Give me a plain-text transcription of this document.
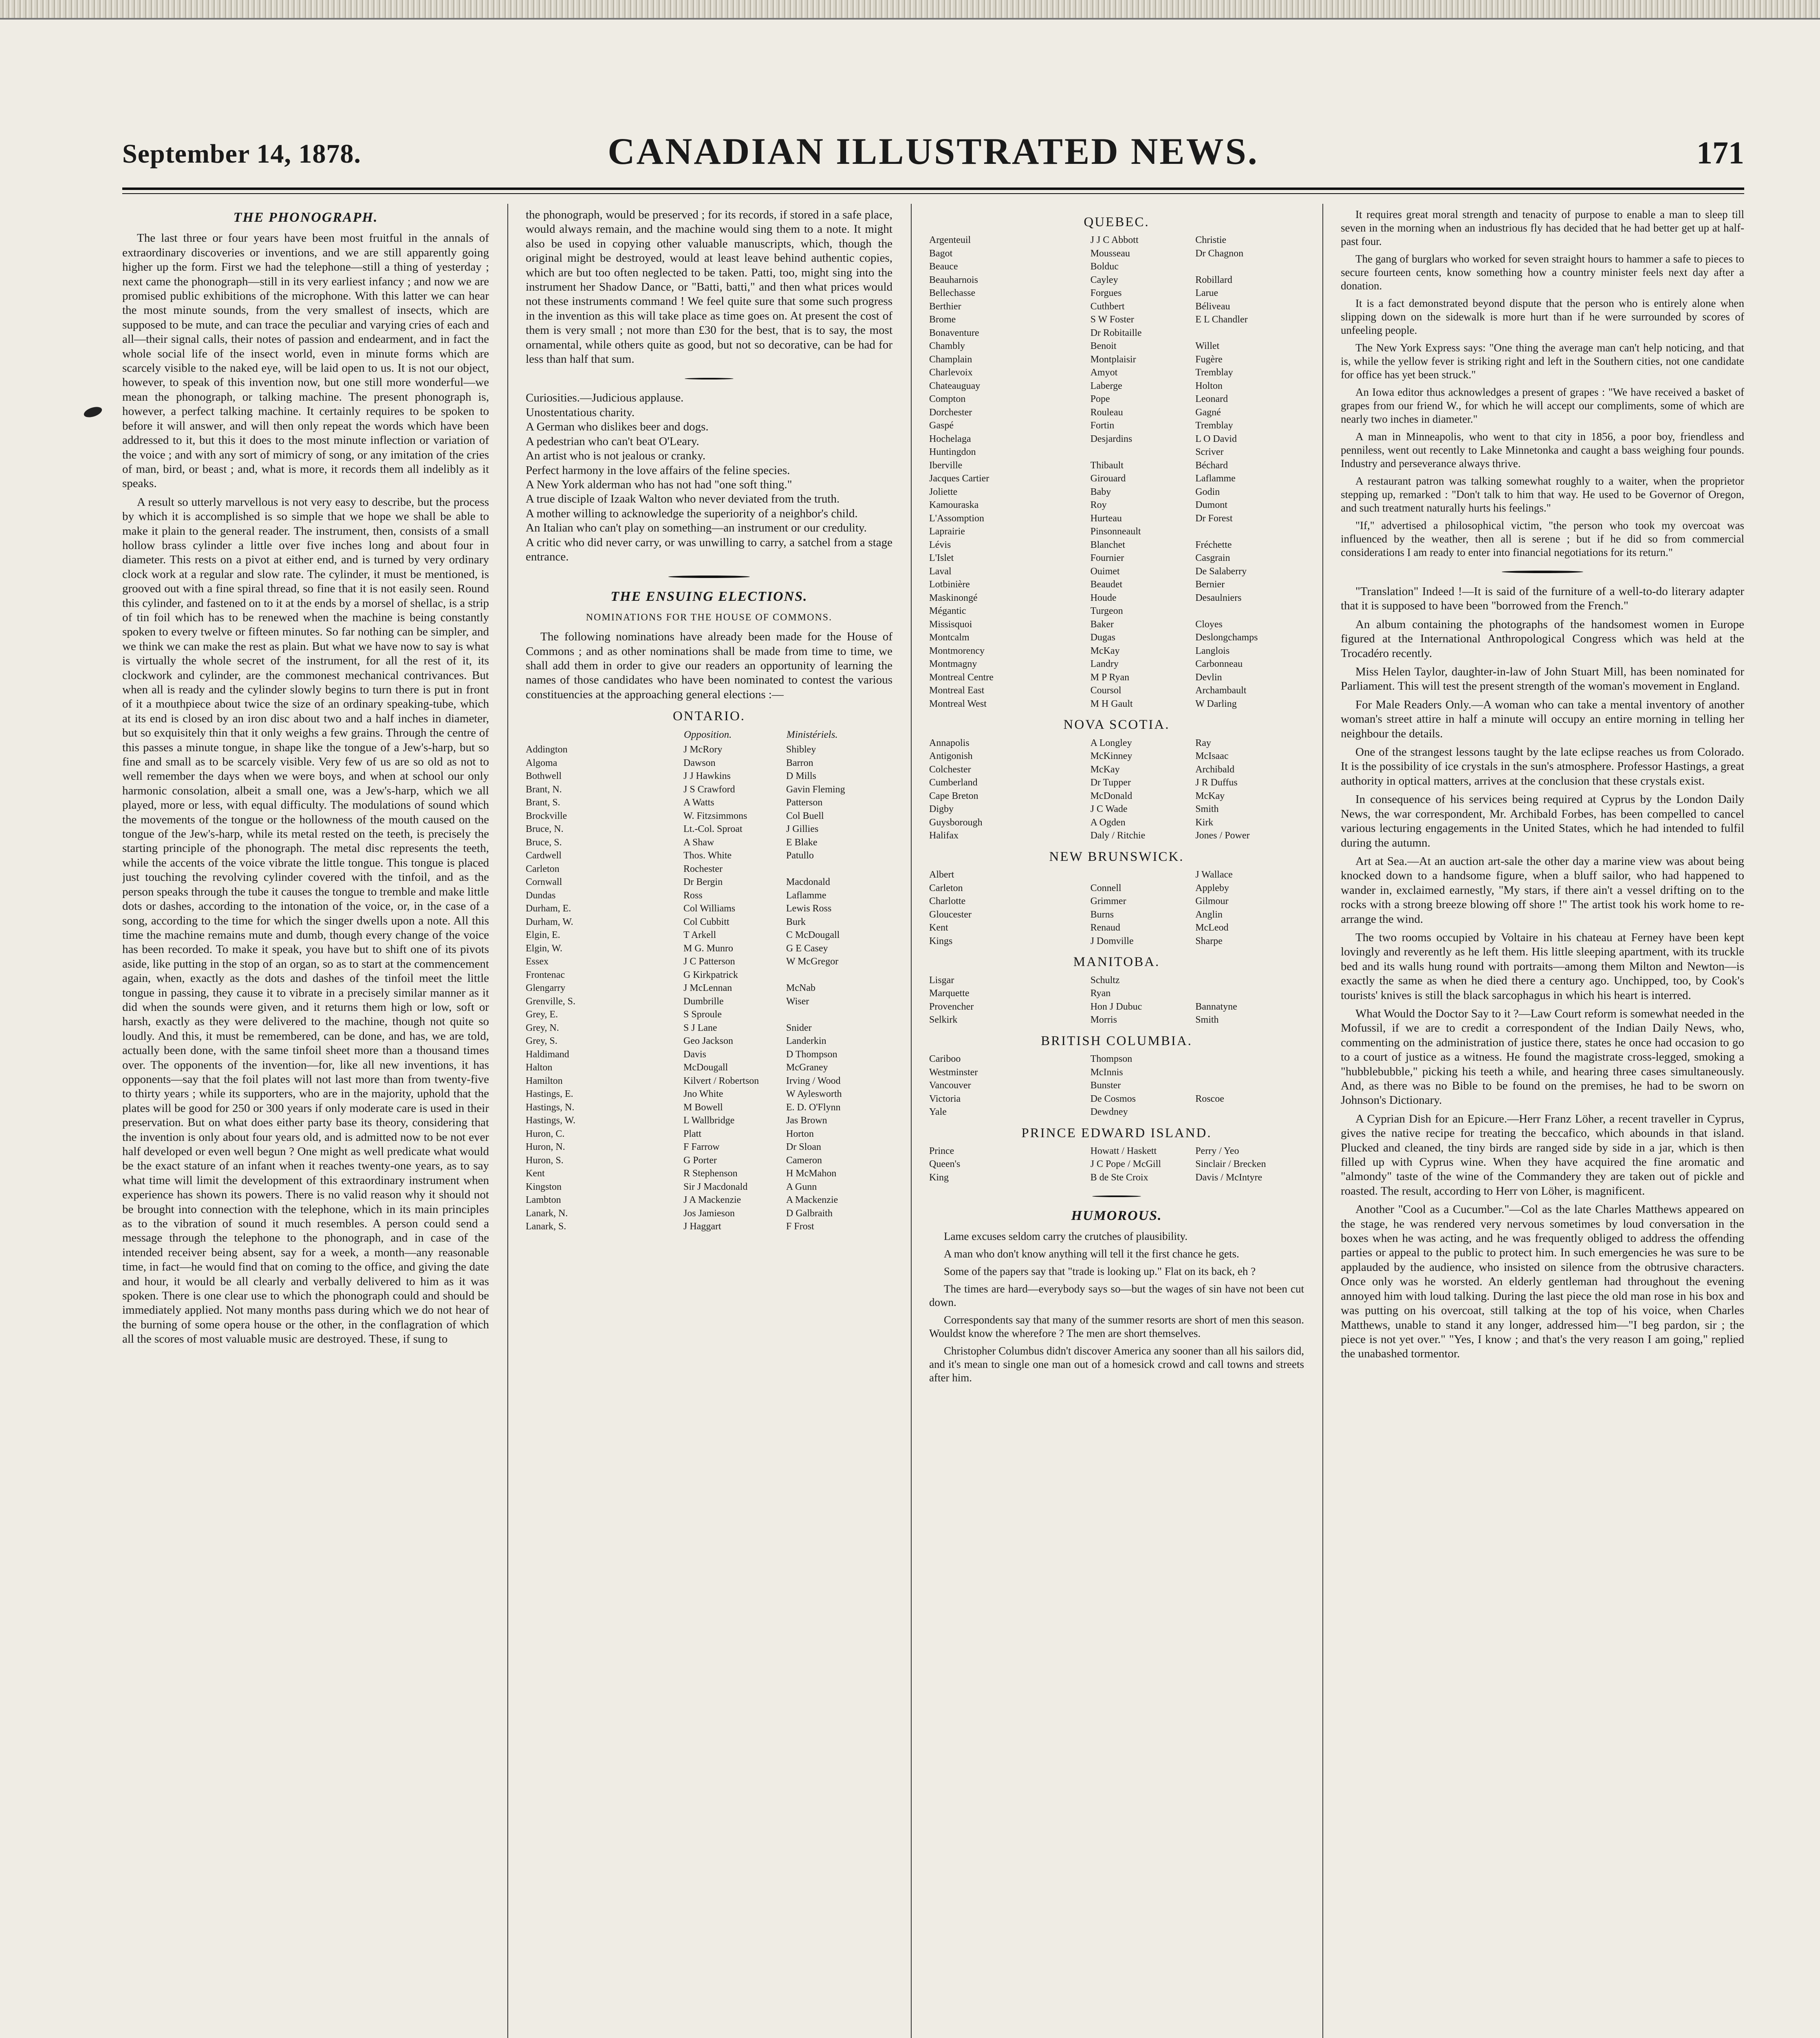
September 14, 1878.	CANADIAN ILLUSTRATED NEWS.	171
THE PHONOGRAPH.

The last three or four years have been most fruitful in the annals of extraordinary discoveries or inventions, and we are still apparently going higher up the form. First we had the telephone—still a thing of yesterday ; next came the phonograph—still in its very earliest infancy ; and now we are promised public exhibitions of the microphone. With this latter we can hear the most minute sounds, from the very smallest of insects, which are supposed to be mute, and can trace the peculiar and varying cries of each and all—their signal calls, their notes of passion and endearment, and in fact the whole social life of the insect world, even in minute forms which are scarcely visible to the naked eye, will be laid open to us. It is not our object, however, to speak of this invention now, but one still more wonderful—we mean the phonograph, or talking machine. The present phonograph is, however, a perfect talking machine. It certainly requires to be spoken to before it will answer, and will then only repeat the words which have been addressed to it, but this it does to the most minute inflection or variation of the voice ; and with any sort of mimicry of song, or any imitation of the cries of man, bird, or beast ; and, what is more, it records them all indelibly as it speaks.

A result so utterly marvellous is not very easy to describe, but the process by which it is accomplished is so simple that we hope we shall be able to make it plain to the general reader. The instrument, then, consists of a small hollow brass cylinder a little over five inches long and about four in diameter. This rests on a pivot at either end, and is turned by very ordinary clock work at a regular and slow rate. The cylinder, it must be mentioned, is grooved out with a fine spiral thread, so fine that it is not easily seen. Round this cylinder, and fastened on to it at the ends by a morsel of shellac, is a strip of tin foil which has to be renewed when the machine is being constantly spoken to every twelve or fifteen minutes. So far nothing can be simpler, and we think we can make the rest as plain. But what we have now to say is what is virtually the whole secret of the instrument, for all the rest of it, its clockwork and cylinder, are the commonest mechanical contrivances. But when all is ready and the cylinder slowly begins to turn there is put in front of it a mouthpiece about twice the size of an ordinary speaking-tube, which at its end is closed by an iron disc about two and a half inches in diameter, but so exquisitely thin that it only weighs a few grains. Through the centre of this passes a minute tongue, in shape like the tongue of a Jew's-harp, but so fine and small as to be scarcely visible. Very few of us are so old as not to well remember the days when we were boys, and when at school our only harmonic consolation, albeit a small one, was a Jew's-harp, which we all played, more or less, with equal difficulty. The modulations of sound which the movements of the tongue or the hollowness of the mouth caused on the tongue of the Jew's-harp, while its metal rested on the teeth, is precisely the starting principle of the phonograph. The metal disc represents the teeth, while the accents of the voice vibrate the little tongue. This tongue is placed just touching the revolving cylinder covered with the tinfoil, and as the person speaks through the tube it causes the tongue to tremble and make little dots or dashes, according to the intonation of the voice, or, in the case of a song, according to the time for which the singer dwells upon a note. All this time the machine remains mute and dumb, though every change of the voice has been recorded. To make it speak, you have but to shift one of its pivots aside, like putting in the stop of an organ, so as to start at the commencement again, when, exactly as the dots and dashes of the tinfoil meet the little tongue in passing, they cause it to vibrate in a precisely similar manner as it did when the sounds were given, and it returns them high or low, soft or harsh, exactly as they were delivered to the machine, though not quite so loudly. And this, it must be remembered, can be done, and has, we are told, actually been done, with the same tinfoil sheet more than a thousand times over. The opponents of the invention—for, like all new inventions, it has opponents—say that the foil plates will not last more than from twenty-five to thirty years ; while its supporters, who are in the majority, uphold that the plates will be good for 250 or 300 years if only moderate care is used in their preservation. But on what does either party base its theory, considering that the invention is only about four years old, and is admitted now to be not ever half developed or even well begun ? One might as well predicate what would be the exact stature of an infant when it reaches twenty-one years, as to say what time will limit the development of this extraordinary instrument when experience has shown its powers. There is no valid reason why it should not be brought into connection with the telephone, which in its main principles as to the vibration of sound it much resembles. A person could send a message through the telephone to the phonograph, and in case of the intended receiver being absent, say for a week, a month—any reasonable time, in fact—he would find that on coming to the office, and giving the date and hour, it would be all clearly and verbally delivered to him as it was spoken. There is one clear use to which the phonograph could and should be immediately applied. Not many months pass during which we do not hear of the burning of some opera house or the other, in the conflagration of which all the scores of most valuable music are destroyed. These, if sung to

the phonograph, would be preserved ; for its records, if stored in a safe place, would always remain, and the machine would sing them to a note. It might also be used in copying other valuable manuscripts, which, though the original might be destroyed, would at least leave behind authentic copies, which are but too often neglected to be taken. Patti, too, might sing into the instrument her Shadow Dance, or "Batti, batti," and then what prices would not these instruments command ! We feel quite sure that some such progress in the invention as this will take place as time goes on. At present the cost of them is very small ; not more than £30 for the best, that is to say, the most ornamental, while others quite as good, but not so decorative, can be had for less than half that sum.

Curiosities.—Judicious applause.
Unostentatious charity.
A German who dislikes beer and dogs.
A pedestrian who can't beat O'Leary.
An artist who is not jealous or cranky.
Perfect harmony in the love affairs of the feline species.
A New York alderman who has not had "one soft thing."
A true disciple of Izaak Walton who never deviated from the truth.
A mother willing to acknowledge the superiority of a neighbor's child.
An Italian who can't play on something—an instrument or our credulity.
A critic who did never carry, or was unwilling to carry, a satchel from a stage entrance.
THE ENSUING ELECTIONS.
NOMINATIONS FOR THE HOUSE OF COMMONS.

The following nominations have already been made for the House of Commons ; and as other nominations shall be made from time to time, we shall add them in order to give our readers an opportunity of learning the names of those candidates who have been nominated to contest the various constituencies at the approaching general elections :—

ONTARIO.
	Opposition.	Ministériels.
Addington	J McRory	Shibley
Algoma	Dawson	Barron
Bothwell	J J Hawkins	D Mills
Brant, N.	J S Crawford	Gavin Fleming
Brant, S.	A Watts	Patterson
Brockville	W. Fitzsimmons	Col Buell
Bruce, N.	Lt.-Col. Sproat	J Gillies
Bruce, S.	A Shaw	E Blake
Cardwell	Thos. White	Patullo
Carleton	Rochester	
Cornwall	Dr Bergin	Macdonald
Dundas	Ross	Laflamme
Durham, E.	Col Williams	Lewis Ross
Durham, W.	Col Cubbitt	Burk
Elgin, E.	T Arkell	C McDougall
Elgin, W.	M G. Munro	G E Casey
Essex	J C Patterson	W McGregor
Frontenac	G Kirkpatrick	
Glengarry	J McLennan	McNab
Grenville, S.	Dumbrille	Wiser
Grey, E.	S Sproule	
Grey, N.	S J Lane	Snider
Grey, S.	Geo Jackson	Landerkin
Haldimand	Davis	D Thompson
Halton	McDougall	McGraney
Hamilton	Kilvert / Robertson	Irving / Wood
Hastings, E.	Jno White	W Aylesworth
Hastings, N.	M Bowell	E. D. O'Flynn
Hastings, W.	L Wallbridge	Jas Brown
Huron, C.	Platt	Horton
Huron, N.	F Farrow	Dr Sloan
Huron, S.	G Porter	Cameron
Kent	R Stephenson	H McMahon
Kingston	Sir J Macdonald	A Gunn
Lambton	J A Mackenzie	A Mackenzie
Lanark, N.	Jos Jamieson	D Galbraith
Lanark, S.	J Haggart	F Frost
QUEBEC.
Argenteuil	J J C Abbott	Christie
Bagot	Mousseau	Dr Chagnon
Beauce	Bolduc	
Beauharnois	Cayley	Robillard
Bellechasse	Forgues	Larue
Berthier	Cuthbert	Béliveau
Brome	S W Foster	E L Chandler
Bonaventure	Dr Robitaille	
Chambly	Benoit	Willet
Champlain	Montplaisir	Fugère
Charlevoix	Amyot	Tremblay
Chateauguay	Laberge	Holton
Compton	Pope	Leonard
Dorchester	Rouleau	Gagné
Gaspé	Fortin	Tremblay
Hochelaga	Desjardins	L O David
Huntingdon		Scriver
Iberville	Thibault	Béchard
Jacques Cartier	Girouard	Laflamme
Joliette	Baby	Godin
Kamouraska	Roy	Dumont
L'Assomption	Hurteau	Dr Forest
Laprairie	Pinsonneault	
Lévis	Blanchet	Fréchette
L'Islet	Fournier	Casgrain
Laval	Ouimet	De Salaberry
Lotbinière	Beaudet	Bernier
Maskinongé	Houde	Desaulniers
Mégantic	Turgeon	
Missisquoi	Baker	Cloyes
Montcalm	Dugas	Deslongchamps
Montmorency	McKay	Langlois
Montmagny	Landry	Carbonneau
Montreal Centre	M P Ryan	Devlin
Montreal East	Coursol	Archambault
Montreal West	M H Gault	W Darling
NOVA SCOTIA.
Annapolis	A Longley	Ray
Antigonish	McKinney	McIsaac
Colchester	McKay	Archibald
Cumberland	Dr Tupper	J R Duffus
Cape Breton	McDonald	McKay
Digby	J C Wade	Smith
Guysborough	A Ogden	Kirk
Halifax	Daly / Ritchie	Jones / Power
NEW BRUNSWICK.
Albert		J Wallace
Carleton	Connell	Appleby
Charlotte	Grimmer	Gilmour
Gloucester	Burns	Anglin
Kent	Renaud	McLeod
Kings	J Domville	Sharpe
MANITOBA.
Lisgar	Schultz	
Marquette	Ryan	
Provencher	Hon J Dubuc	Bannatyne
Selkirk	Morris	Smith
BRITISH COLUMBIA.
Cariboo	Thompson	
Westminster	McInnis	
Vancouver	Bunster	
Victoria	De Cosmos	Roscoe
Yale	Dewdney	
PRINCE EDWARD ISLAND.
Prince	Howatt / Haskett	Perry / Yeo
Queen's	J C Pope / McGill	Sinclair / Brecken
King	B de Ste Croix	Davis / McIntyre
HUMOROUS.

Lame excuses seldom carry the crutches of plausibility.

A man who don't know anything will tell it the first chance he gets.

Some of the papers say that "trade is looking up." Flat on its back, eh ?

The times are hard—everybody says so—but the wages of sin have not been cut down.

Correspondents say that many of the summer resorts are short of men this season. Wouldst know the wherefore ? The men are short themselves.

Christopher Columbus didn't discover America any sooner than all his sailors did, and it's mean to single one man out of a homesick crowd and call towns and streets after him.

It requires great moral strength and tenacity of purpose to enable a man to sleep till seven in the morning when an industrious fly has decided that he had better get up at half-past four.

The gang of burglars who worked for seven straight hours to hammer a safe to pieces to secure fourteen cents, know something how a country minister feels next day after a donation.

It is a fact demonstrated beyond dispute that the person who is entirely alone when slipping down on the sidewalk is more hurt than if he were surrounded by scores of unfeeling people.

The New York Express says: "One thing the average man can't help noticing, and that is, while the yellow fever is striking right and left in the Southern cities, not one candidate for office has yet been struck."

An Iowa editor thus acknowledges a present of grapes : "We have received a basket of grapes from our friend W., for which he will accept our compliments, some of which are nearly two inches in diameter."

A man in Minneapolis, who went to that city in 1856, a poor boy, friendless and penniless, went out recently to Lake Minnetonka and caught a bass weighing four pounds. Industry and perseverance always thrive.

A restaurant patron was talking somewhat roughly to a waiter, when the proprietor stepping up, remarked : "Don't talk to him that way. He used to be Governor of Oregon, and such treatment naturally hurts his feelings."

"If," advertised a philosophical victim, "the person who took my overcoat was influenced by the weather, then all is serene ; but if he did so from commercial considerations I am ready to enter into financial negotiations for its return."

"Translation" Indeed !—It is said of the furniture of a well-to-do literary adapter that it is supposed to have been "borrowed from the French."

An album containing the photographs of the handsomest women in Europe figured at the International Anthropological Congress which was held at the Trocadéro recently.

Miss Helen Taylor, daughter-in-law of John Stuart Mill, has been nominated for Parliament. This will test the present strength of the woman's movement in England.

For Male Readers Only.—A woman who can take a mental inventory of another woman's street attire in half a minute will occupy an entire morning in telling her neighbour the details.

One of the strangest lessons taught by the late eclipse reaches us from Colorado. It is the possibility of ice crystals in the sun's atmosphere. Professor Hastings, a great authority in optical matters, arrives at the conclusion that these crystals exist.

In consequence of his services being required at Cyprus by the London Daily News, the war correspondent, Mr. Archibald Forbes, has been compelled to cancel various lecturing engagements in the United States, which he had intended to fulfil during the autumn.

Art at Sea.—At an auction art-sale the other day a marine view was about being knocked down to a handsome figure, when a bluff sailor, who had happened to wander in, exclaimed earnestly, "My stars, if there ain't a vessel drifting on to the rocks with a strong breeze blowing off shore !" The artist took his work home to re-arrange the wind.

The two rooms occupied by Voltaire in his chateau at Ferney have been kept lovingly and reverently as he left them. His little sleeping apartment, with its truckle bed and its walls hung round with portraits—among them Milton and Newton—is exactly the same as when he died there a century ago. Unchipped, too, by Cook's tourists' knives is still the black sarcophagus in which his heart is interred.

What Would the Doctor Say to it ?—Law Court reform is somewhat needed in the Mofussil, if we are to credit a correspondent of the Indian Daily News, who, commenting on the administration of justice there, states he once had occasion to go to a court of justice as a witness. He found the magistrate cross-legged, smoking a "hubblebubble," picking his teeth a while, and hearing three cases simultaneously. And, as there was no Bible to be found on the premises, he had to be sworn on Johnson's Dictionary.

A Cyprian Dish for an Epicure.—Herr Franz Löher, a recent traveller in Cyprus, gives the native recipe for treating the beccafico, which abounds in that island. Plucked and cleaned, the tiny birds are ranged side by side in a jar, which is then filled up with Cyprus wine. When they have acquired the fine aromatic and "almondy" taste of the wine of the Commandery they are taken out of pickle and roasted. The result, according to Herr von Löher, is magnificent.

Another "Cool as a Cucumber."—Col as the late Charles Matthews appeared on the stage, he was rendered very nervous sometimes by loud conversation in the boxes when he was acting, and he was frequently obliged to address the offending parties or appeal to the public to protect him. In such emergencies he was sure to be applauded by the audience, who insisted on silence from the obtrusive characters. Once only was he worsted. An elderly gentleman had throughout the evening annoyed him with loud talking. During the last piece the old man rose in his box and was putting on his overcoat, still talking at the top of his voice, when Charles Matthews, unable to stand it any longer, addressed him—"I beg pardon, sir ; the piece is not yet over." "Yes, I know ; and that's the very reason I am going," replied the unabashed tormentor.
